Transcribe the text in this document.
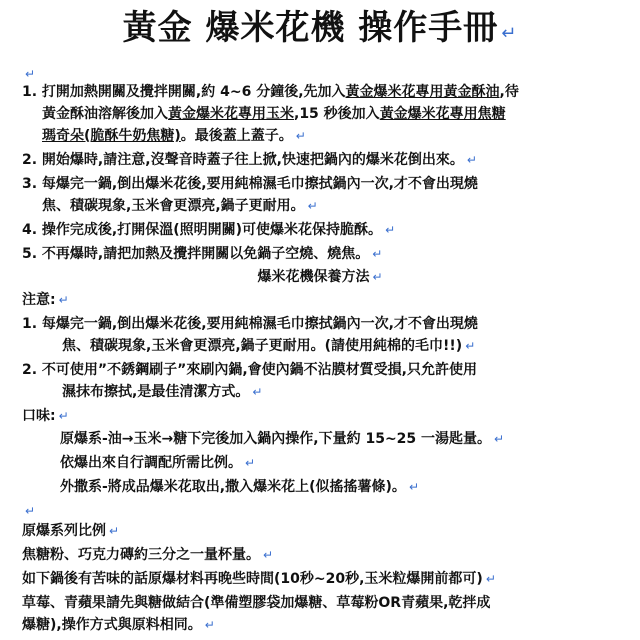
黃金 爆米花機 操作手冊 ↵
↵
1. 打開加熱開關及攪拌開關,約 4~6 分鐘後,先加入黃金爆米花專用黃金酥油,待
黃金酥油溶解後加入黃金爆米花專用玉米,15 秒後加入黃金爆米花專用焦糖
瑪奇朵(脆酥牛奶焦糖)。最後蓋上蓋子。 ↵
2. 開始爆時,請注意,沒聲音時蓋子往上掀,快速把鍋內的爆米花倒出來。 ↵
3. 每爆完一鍋,倒出爆米花後,要用純棉濕毛巾擦拭鍋內一次,才不會出現燒
焦、積碳現象,玉米會更漂亮,鍋子更耐用。 ↵
4. 操作完成後,打開保溫(照明開關)可使爆米花保持脆酥。 ↵
5. 不再爆時,請把加熱及攪拌開關以免鍋子空燒、燒焦。 ↵
爆米花機保養方法 ↵
注意: ↵
1. 每爆完一鍋,倒出爆米花後,要用純棉濕毛巾擦拭鍋內一次,才不會出現燒
焦、積碳現象,玉米會更漂亮,鍋子更耐用。(請使用純棉的毛巾!!) ↵
2. 不可使用”不銹鋼刷子”來刷內鍋,會使內鍋不沾膜材質受損,只允許使用
濕抹布擦拭,是最佳清潔方式。 ↵
口味: ↵
原爆系-油→玉米→糖下完後加入鍋內操作,下量約 15~25 一湯匙量。 ↵
依爆出來自行調配所需比例。 ↵
外撒系-將成品爆米花取出,撒入爆米花上(似搖搖薯條)。 ↵
↵
原爆系列比例 ↵
焦糖粉、巧克力磚約三分之一量杯量。 ↵
如下鍋後有苦味的話原爆材料再晚些時間(10秒~20秒,玉米粒爆開前都可) ↵
草莓、青蘋果請先與糖做結合(準備塑膠袋加爆糖、草莓粉OR青蘋果,乾拌成
爆糖),操作方式與原料相同。 ↵
